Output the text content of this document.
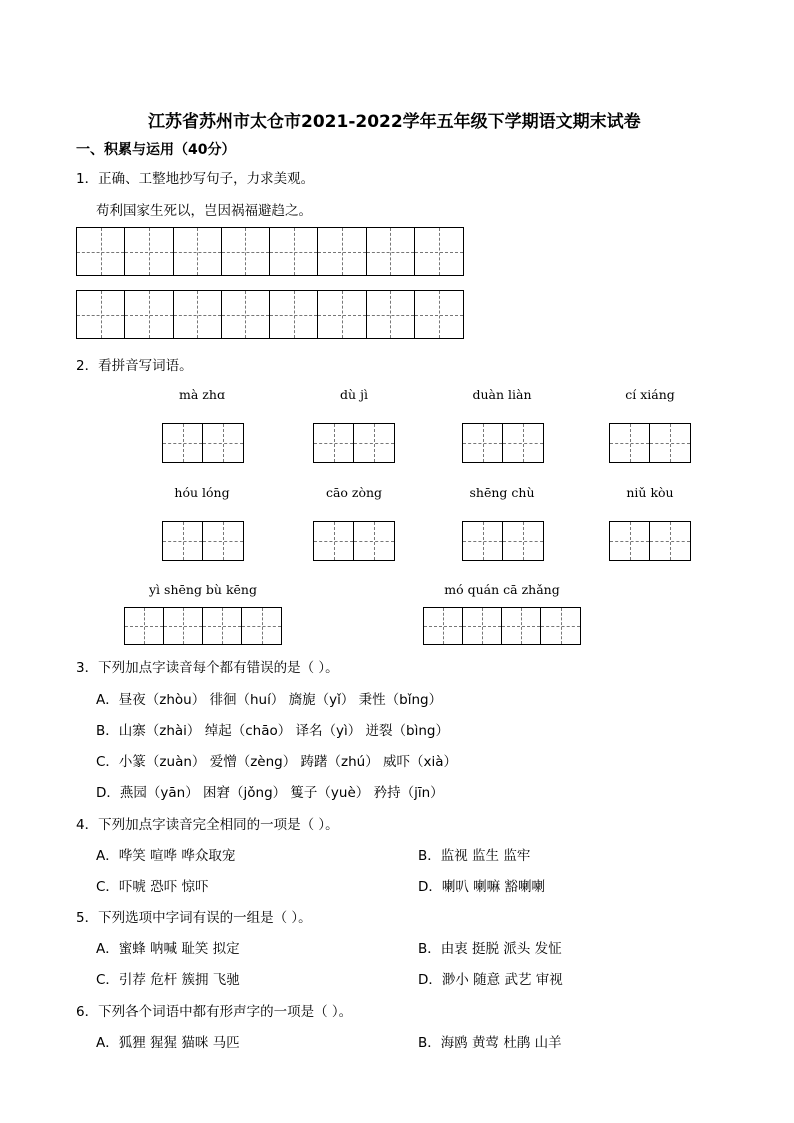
江苏省苏州市太仓市2021-2022学年五年级下学期语文期末试卷
一、积累与运用（40分）
1．正确、工整地抄写句子，力求美观。
苟利国家生死以，岂因祸福避趋之。
2．看拼音写词语。
mà zhɑ	dù jì	duàn liàn	cí xiáng
hóu lóng	cāo zòng	shēng chù	niǔ kòu
yì shēng bù kēng	mó quán cā zhǎng
3．下列加点字读音每个都有错误的是（ ）。
A．昼夜（zhòu） 徘徊（huí） 旖旎（yǐ） 秉性（bǐng）
B．山寨（zhài） 绰起（chāo） 译名（yì） 迸裂（bìng）
C．小篆（zuàn） 爱憎（zèng） 踌躇（zhú） 威吓（xià）
D．燕园（yān） 困窘（jǒng） 篗子（yuè） 矜持（jīn）
4．下列加点字读音完全相同的一项是（ ）。
A．哗笑 喧哗 哗众取宠	B．监视 监生 监牢
C．吓唬 恐吓 惊吓	D．喇叭 喇嘛 豁喇喇
5．下列选项中字词有误的一组是（ ）。
A．蜜蜂 呐喊 耻笑 拟定	B．由衷 挺脱 派头 发怔
C．引荐 危杆 簇拥 飞驰	D．渺小 随意 武艺 审视
6．下列各个词语中都有形声字的一项是（ ）。
A．狐狸 猩猩 猫咪 马匹	B．海鸥 黄莺 杜鹃 山羊
